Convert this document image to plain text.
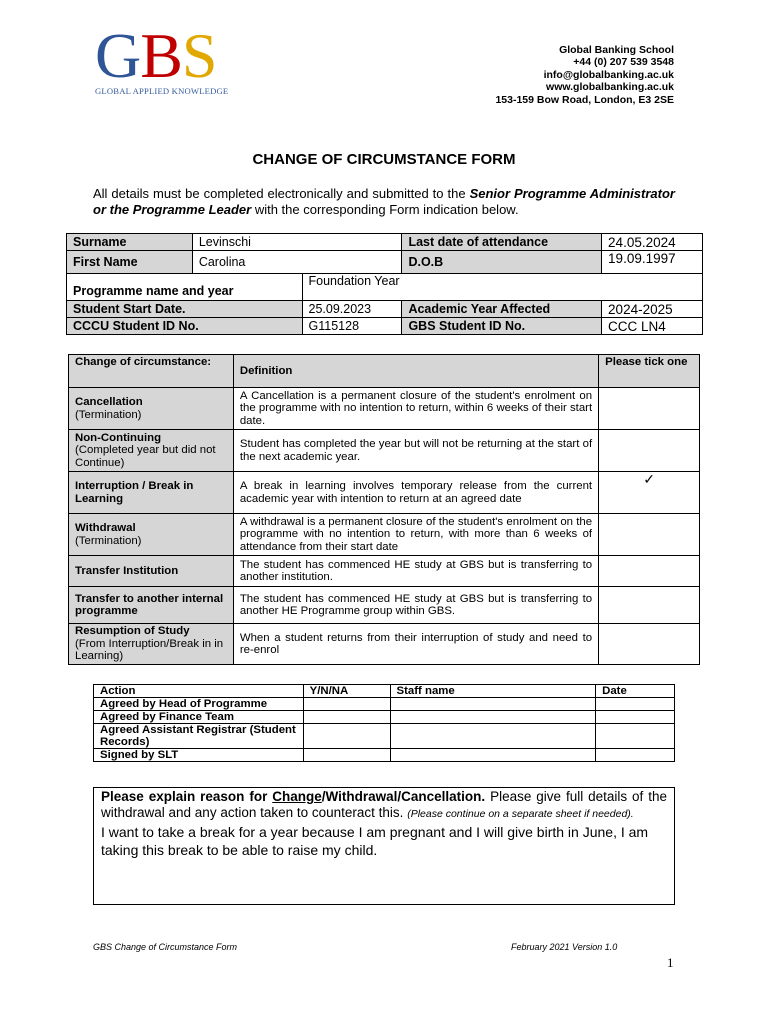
GBS
GLOBAL APPLIED KNOWLEDGE
Global Banking School
+44 (0) 207 539 3548
info@globalbanking.ac.uk
www.globalbanking.ac.uk
153-159 Bow Road, London, E3 2SE
CHANGE OF CIRCUMSTANCE FORM
All details must be completed electronically and submitted to the Senior Programme Administrator or the Programme Leader with the corresponding Form indication below.
Surname	Levinschi		Last date of attendance	24.05.2024
First Name	Carolina		D.O.B	19.09.1997
Programme name and year		Foundation Year		
Student Start Date.		25.09.2023	Academic Year Affected	2024-2025
CCCU Student ID No.		G115128	GBS Student ID No.	CCC LN4
Change of circumstance:	Definition	Please tick one
Cancellation
(Termination)	A Cancellation is a permanent closure of the student's enrolment on the programme with no intention to return, within 6 weeks of their start date.	
Non-Continuing
(Completed year but did not Continue)	Student has completed the year but will not be returning at the start of the next academic year.	
Interruption / Break in Learning	A break in learning involves temporary release from the current academic year with intention to return at an agreed date	✓
Withdrawal
(Termination)	A withdrawal is a permanent closure of the student's enrolment on the programme with no intention to return, with more than 6 weeks of attendance from their start date	
Transfer Institution	The student has commenced HE study at GBS but is transferring to another institution.	
Transfer to another internal programme	The student has commenced HE study at GBS but is transferring to another HE Programme group within GBS.	
Resumption of Study
(From Interruption/Break in in Learning)	When a student returns from their interruption of study and need to re-enrol	
Action	Y/N/NA	Staff name	Date
Agreed by Head of Programme			
Agreed by Finance Team			
Agreed Assistant Registrar (Student Records)			
Signed by SLT			
Please explain reason for Change/Withdrawal/Cancellation. Please give full details of the withdrawal and any action taken to counteract this. (Please continue on a separate sheet if needed).
I want to take a break for a year because I am pregnant and I will give birth in June, I am taking this break to be able to raise my child.
GBS Change of Circumstance Form	February 2021 Version 1.0
1
